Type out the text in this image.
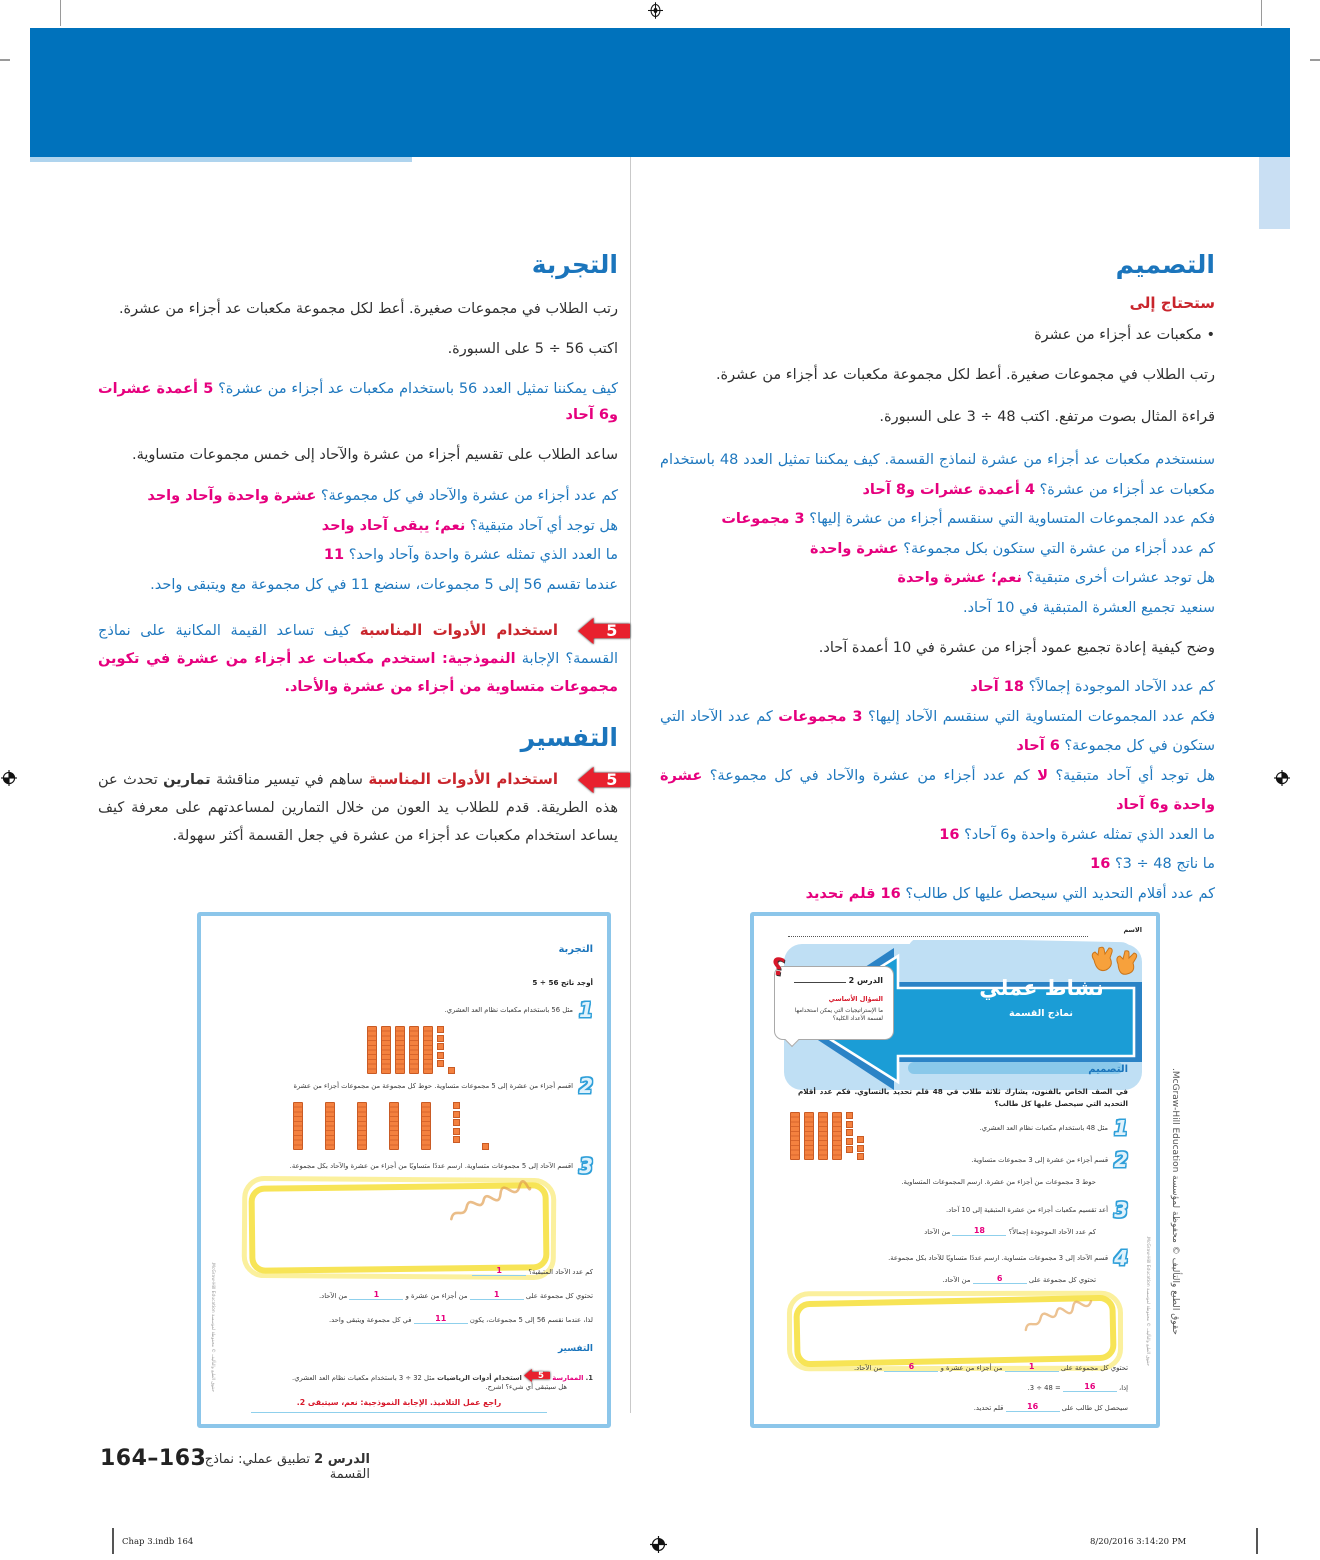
التصميم
ستحتاج إلى

• مكعبات عد أجزاء من عشرة

رتب الطلاب في مجموعات صغيرة. أعط لكل مجموعة مكعبات عد أجزاء من عشرة.

قراءة المثال بصوت مرتفع. اكتب 48 ÷ 3 على السبورة.

سنستخدم مكعبات عد أجزاء من عشرة لنماذج القسمة. كيف يمكننا تمثيل العدد 48 باستخدام مكعبات عد أجزاء من عشرة؟ 4 أعمدة عشرات و8 آحاد

فكم عدد المجموعات المتساوية التي سنقسم أجزاء من عشرة إليها؟ 3 مجموعات

كم عدد أجزاء من عشرة التي ستكون بكل مجموعة؟ عشرة واحدة

هل توجد عشرات أخرى متبقية؟ نعم؛ عشرة واحدة

سنعيد تجميع العشرة المتبقية في 10 آحاد.

وضح كيفية إعادة تجميع عمود أجزاء من عشرة في 10 أعمدة آحاد.

كم عدد الآحاد الموجودة إجمالاً؟ 18 آحاد

فكم عدد المجموعات المتساوية التي سنقسم الآحاد إليها؟ 3 مجموعات كم عدد الآحاد التي ستكون في كل مجموعة؟ 6 آحاد

هل توجد أي آحاد متبقية؟ لا كم عدد أجزاء من عشرة والآحاد في كل مجموعة؟ عشرة واحدة و6 آحاد

ما العدد الذي تمثله عشرة واحدة و6 آحاد؟ 16

ما ناتج 48 ÷ 3؟ 16

كم عدد أقلام التحديد التي سيحصل عليها كل طالب؟ 16 قلم تحديد

التجربة

رتب الطلاب في مجموعات صغيرة. أعط لكل مجموعة مكعبات عد أجزاء من عشرة.

اكتب 56 ÷ 5 على السبورة.

كيف يمكننا تمثيل العدد 56 باستخدام مكعبات عد أجزاء من عشرة؟ 5 أعمدة عشرات و6 آحاد

ساعد الطلاب على تقسيم أجزاء من عشرة والآحاد إلى خمس مجموعات متساوية.

كم عدد أجزاء من عشرة والآحاد في كل مجموعة؟ عشرة واحدة وآحاد واحد

هل توجد أي آحاد متبقية؟ نعم؛ يبقى آحاد واحد

ما العدد الذي تمثله عشرة واحدة وآحاد واحد؟ 11

عندما تقسم 56 إلى 5 مجموعات، سنضع 11 في كل مجموعة مع ويتبقى واحد.

5
استخدام الأدوات المناسبة كيف تساعد القيمة المكانية على نماذج القسمة؟ الإجابة النموذجية: استخدم مكعبات عد أجزاء من عشرة في تكوين مجموعات متساوية من أجزاء من عشرة والأحاد.

التفسير

5
استخدام الأدوات المناسبة ساهم في تيسير مناقشة تمارين تحدث عن هذه الطريقة. قدم للطلاب يد العون من خلال التمارين لمساعدتهم على معرفة كيف يساعد استخدام مكعبات عد أجزاء من عشرة في جعل القسمة أكثر سهولة.

التجربة
أوجد ناتج 56 ÷ 5
1
مثل 56 باستخدام مكعبات نظام العد العشري.
2
اقسم أجزاء من عشرة إلى 5 مجموعات متساوية. حوط كل مجموعة من مجموعات أجزاء من عشرة
3
اقسم الآحاد إلى 5 مجموعات متساوية. ارسم عددًا متساويًا من أجزاء من عشرة والآحاد بكل مجموعة.
كم عدد الآحاد المتبقية؟ 1
تحتوي كل مجموعة على 1 من أجزاء من عشرة و 1 من الآحاد.
لذا، عندما نقسم 56 إلى 5 مجموعات، يكون 11 في كل مجموعة ويتبقى واحد.
التفسير
1. الممارسة
5
استخدام أدوات الرياضيات مثل 32 ÷ 3 باستخدام مكعبات نظام العد العشري.
هل سيتبقى أي شيء؟ اشرح.
راجع عمل التلاميذ. الإجابة النموذجية: نعم، سيتبقى 2.
حقوق الطبع والتأليف © محفوظة لمؤسسة McGraw-Hill Education.
الاسم
نشاط عملي
نماذج القسمة
؟	الدرس 2
السؤال الأساسي
ما الإستراتيجيات التي يمكن استخدامها لقسمة الأعداد الكلية؟
التصميم
في الصف الخاص بالفنون، يشارك ثلاثة طلاب في 48 قلم تحديد بالتساوي. فكم عدد أقلام التحديد التي سيحصل عليها كل طالب؟
1
مثل 48 باستخدام مكعبات نظام العد العشري.
2
قسم أجزاء من عشرة إلى 3 مجموعات متساوية.
حوط 3 مجموعات من أجزاء من عشرة. ارسم المجموعات المتساوية.
3
أعد تقسيم مكعبات أجزاء من عشرة المتبقية إلى 10 آحاد.
كم عدد الآحاد الموجودة إجمالاً؟ 18 من الآحاد
4
قسم الآحاد إلى 3 مجموعات متساوية. ارسم عددًا متساويًا للآحاد بكل مجموعة.
تحتوي كل مجموعة على 6 من الآحاد.
تحتوي كل مجموعة على 1 من أجزاء من عشرة و 6 من الآحاد.
إذا، 16 = 48 ÷ 3.
سيحصل كل طالب على 16 قلم تحديد.
حقوق الطبع والتأليف © محفوظة لمؤسسة McGraw-Hill Education.
حقوق الطبع والتأليف © محفوظة لمؤسسة McGraw-Hill Education.
164–163	الدرس 2 تطبيق عملي: نماذج القسمة
Chap 3.indb 164	8/20/2016 3:14:20 PM
